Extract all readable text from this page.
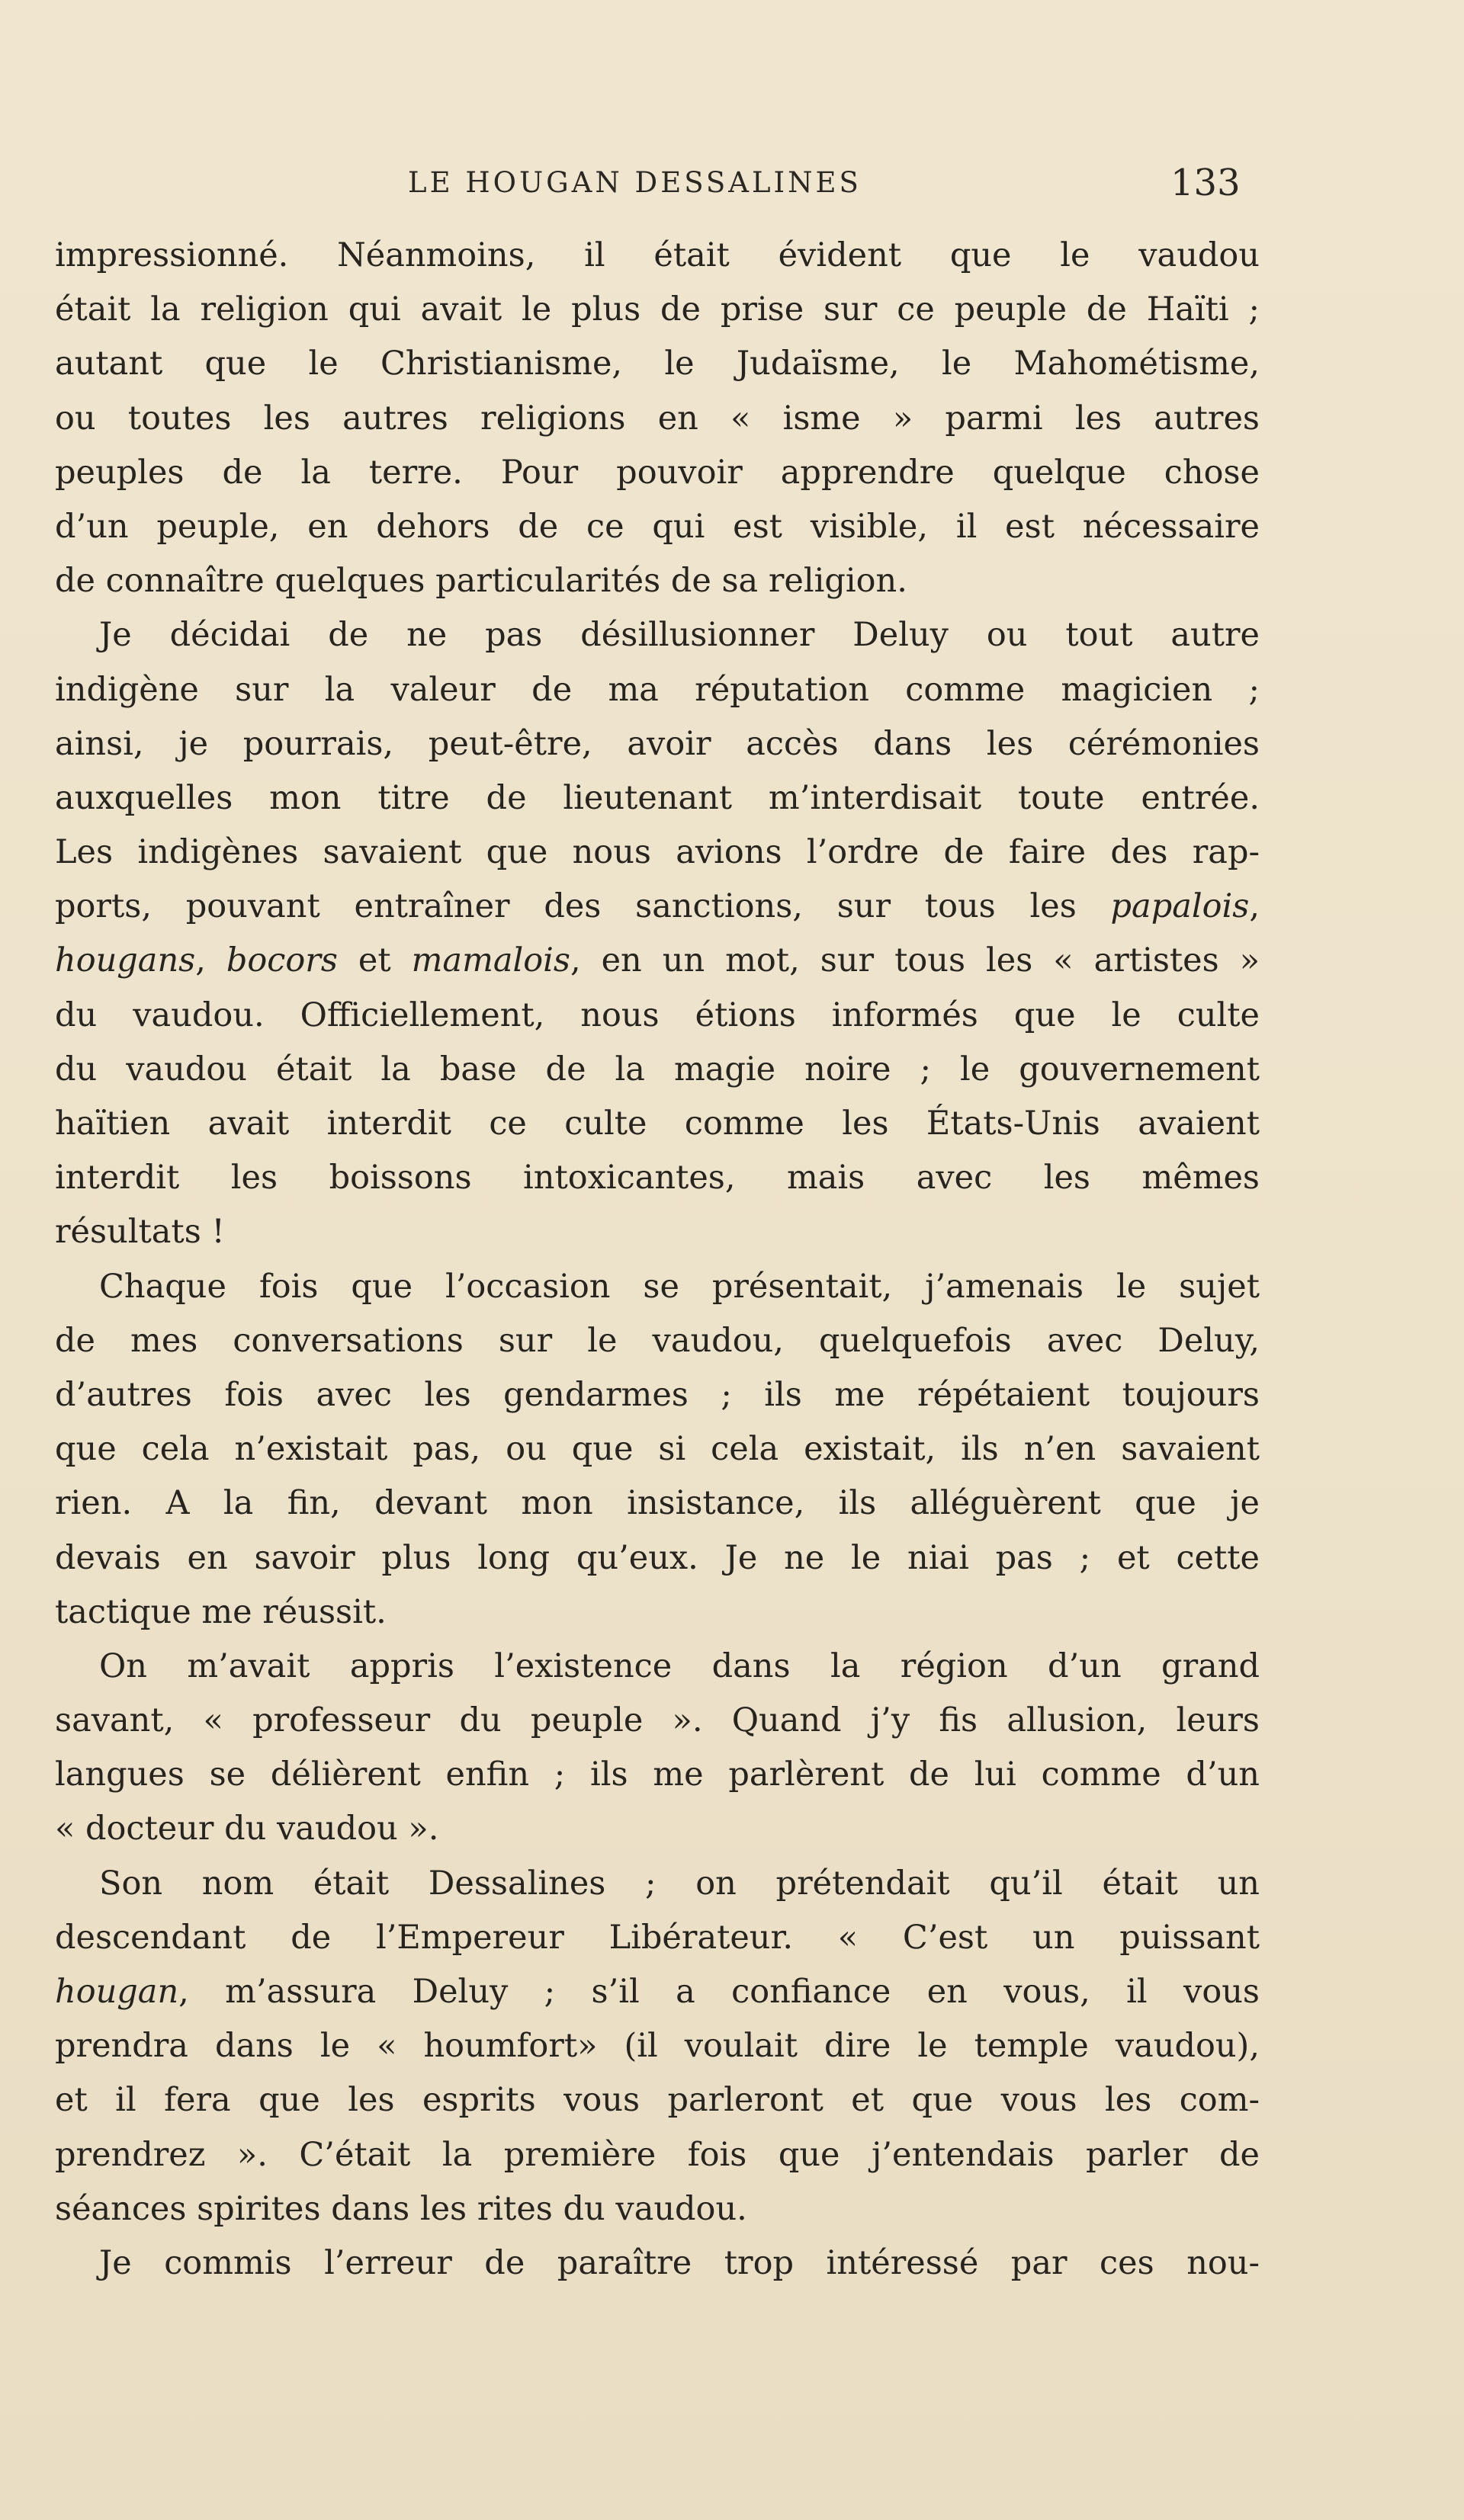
LE HOUGAN DESSALINES	133
impressionné. Néanmoins, il était évident que le vaudou
était la religion qui avait le plus de prise sur ce peuple de Haïti ;
autant que le Christianisme, le Judaïsme, le Mahométisme,
ou toutes les autres religions en « isme » parmi les autres
peuples de la terre. Pour pouvoir apprendre quelque chose
d’un peuple, en dehors de ce qui est visible, il est nécessaire
de connaître quelques particularités de sa religion.
Je décidai de ne pas désillusionner Deluy ou tout autre
indigène sur la valeur de ma réputation comme magicien ;
ainsi, je pourrais, peut-être, avoir accès dans les cérémonies
auxquelles mon titre de lieutenant m’interdisait toute entrée.
Les indigènes savaient que nous avions l’ordre de faire des rap-
ports, pouvant entraîner des sanctions, sur tous les papalois,
hougans, bocors et mamalois, en un mot, sur tous les « artistes »
du vaudou. Officiellement, nous étions informés que le culte
du vaudou était la base de la magie noire ; le gouvernement
haïtien avait interdit ce culte comme les États-Unis avaient
interdit les boissons intoxicantes, mais avec les mêmes
résultats !
Chaque fois que l’occasion se présentait, j’amenais le sujet
de mes conversations sur le vaudou, quelquefois avec Deluy,
d’autres fois avec les gendarmes ; ils me répétaient toujours
que cela n’existait pas, ou que si cela existait, ils n’en savaient
rien. A la fin, devant mon insistance, ils alléguèrent que je
devais en savoir plus long qu’eux. Je ne le niai pas ; et cette
tactique me réussit.
On m’avait appris l’existence dans la région d’un grand
savant, « professeur du peuple ». Quand j’y fis allusion, leurs
langues se délièrent enfin ; ils me parlèrent de lui comme d’un
« docteur du vaudou ».
Son nom était Dessalines ; on prétendait qu’il était un
descendant de l’Empereur Libérateur. « C’est un puissant
hougan, m’assura Deluy ; s’il a confiance en vous, il vous
prendra dans le « houmfort» (il voulait dire le temple vaudou),
et il fera que les esprits vous parleront et que vous les com-
prendrez ». C’était la première fois que j’entendais parler de
séances spirites dans les rites du vaudou.
Je commis l’erreur de paraître trop intéressé par ces nou-
